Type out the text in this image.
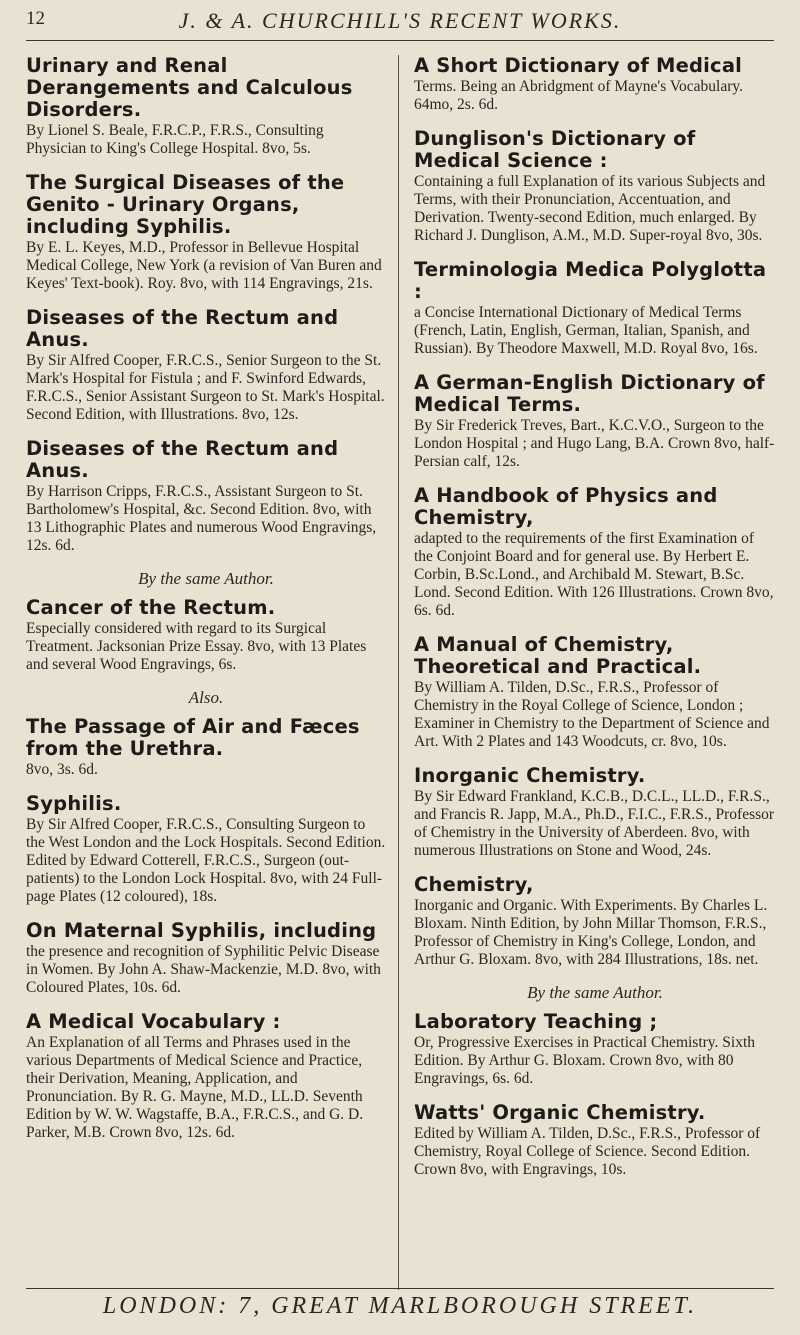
12	J. & A. CHURCHILL'S RECENT WORKS.
Urinary and Renal Derangements and Calculous Disorders.
By Lionel S. Beale, F.R.C.P., F.R.S., Consulting Physician to King's College Hospital. 8vo, 5s.
The Surgical Diseases of the Genito - Urinary Organs, including Syphilis.
By E. L. Keyes, M.D., Professor in Bellevue Hospital Medical College, New York (a revision of Van Buren and Keyes' Text-book). Roy. 8vo, with 114 Engravings, 21s.
Diseases of the Rectum and Anus.
By Sir Alfred Cooper, F.R.C.S., Senior Surgeon to the St. Mark's Hospital for Fistula ; and F. Swinford Edwards, F.R.C.S., Senior Assistant Surgeon to St. Mark's Hospital. Second Edition, with Illustrations. 8vo, 12s.
Diseases of the Rectum and Anus.
By Harrison Cripps, F.R.C.S., Assistant Surgeon to St. Bartholomew's Hospital, &c. Second Edition. 8vo, with 13 Lithographic Plates and numerous Wood Engravings, 12s. 6d.
By the same Author.
Cancer of the Rectum.
Especially considered with regard to its Surgical Treatment. Jacksonian Prize Essay. 8vo, with 13 Plates and several Wood Engravings, 6s.
Also.
The Passage of Air and Fæces from the Urethra.
8vo, 3s. 6d.
Syphilis.
By Sir Alfred Cooper, F.R.C.S., Consulting Surgeon to the West London and the Lock Hospitals. Second Edition. Edited by Edward Cotterell, F.R.C.S., Surgeon (out-patients) to the London Lock Hospital. 8vo, with 24 Full-page Plates (12 coloured), 18s.
On Maternal Syphilis, including
the presence and recognition of Syphilitic Pelvic Disease in Women. By John A. Shaw-Mackenzie, M.D. 8vo, with Coloured Plates, 10s. 6d.
A Medical Vocabulary :
An Explanation of all Terms and Phrases used in the various Departments of Medical Science and Practice, their Derivation, Meaning, Application, and Pronunciation. By R. G. Mayne, M.D., LL.D. Seventh Edition by W. W. Wagstaffe, B.A., F.R.C.S., and G. D. Parker, M.B. Crown 8vo, 12s. 6d.
A Short Dictionary of Medical
Terms. Being an Abridgment of Mayne's Vocabulary. 64mo, 2s. 6d.
Dunglison's Dictionary of Medical Science :
Containing a full Explanation of its various Subjects and Terms, with their Pronunciation, Accentuation, and Derivation. Twenty-second Edition, much enlarged. By Richard J. Dunglison, A.M., M.D. Super-royal 8vo, 30s.
Terminologia Medica Polyglotta :
a Concise International Dictionary of Medical Terms (French, Latin, English, German, Italian, Spanish, and Russian). By Theodore Maxwell, M.D. Royal 8vo, 16s.
A German-English Dictionary of Medical Terms.
By Sir Frederick Treves, Bart., K.C.V.O., Surgeon to the London Hospital ; and Hugo Lang, B.A. Crown 8vo, half-Persian calf, 12s.
A Handbook of Physics and Chemistry,
adapted to the requirements of the first Examination of the Conjoint Board and for general use. By Herbert E. Corbin, B.Sc.Lond., and Archibald M. Stewart, B.Sc. Lond. Second Edition. With 126 Illustrations. Crown 8vo, 6s. 6d.
A Manual of Chemistry, Theoretical and Practical.
By William A. Tilden, D.Sc., F.R.S., Professor of Chemistry in the Royal College of Science, London ; Examiner in Chemistry to the Department of Science and Art. With 2 Plates and 143 Woodcuts, cr. 8vo, 10s.
Inorganic Chemistry.
By Sir Edward Frankland, K.C.B., D.C.L., LL.D., F.R.S., and Francis R. Japp, M.A., Ph.D., F.I.C., F.R.S., Professor of Chemistry in the University of Aberdeen. 8vo, with numerous Illustrations on Stone and Wood, 24s.
Chemistry,
Inorganic and Organic. With Experiments. By Charles L. Bloxam. Ninth Edition, by John Millar Thomson, F.R.S., Professor of Chemistry in King's College, London, and Arthur G. Bloxam. 8vo, with 284 Illustrations, 18s. net.
By the same Author.
Laboratory Teaching ;
Or, Progressive Exercises in Practical Chemistry. Sixth Edition. By Arthur G. Bloxam. Crown 8vo, with 80 Engravings, 6s. 6d.
Watts' Organic Chemistry.
Edited by William A. Tilden, D.Sc., F.R.S., Professor of Chemistry, Royal College of Science. Second Edition. Crown 8vo, with Engravings, 10s.
LONDON: 7, GREAT MARLBOROUGH STREET.
